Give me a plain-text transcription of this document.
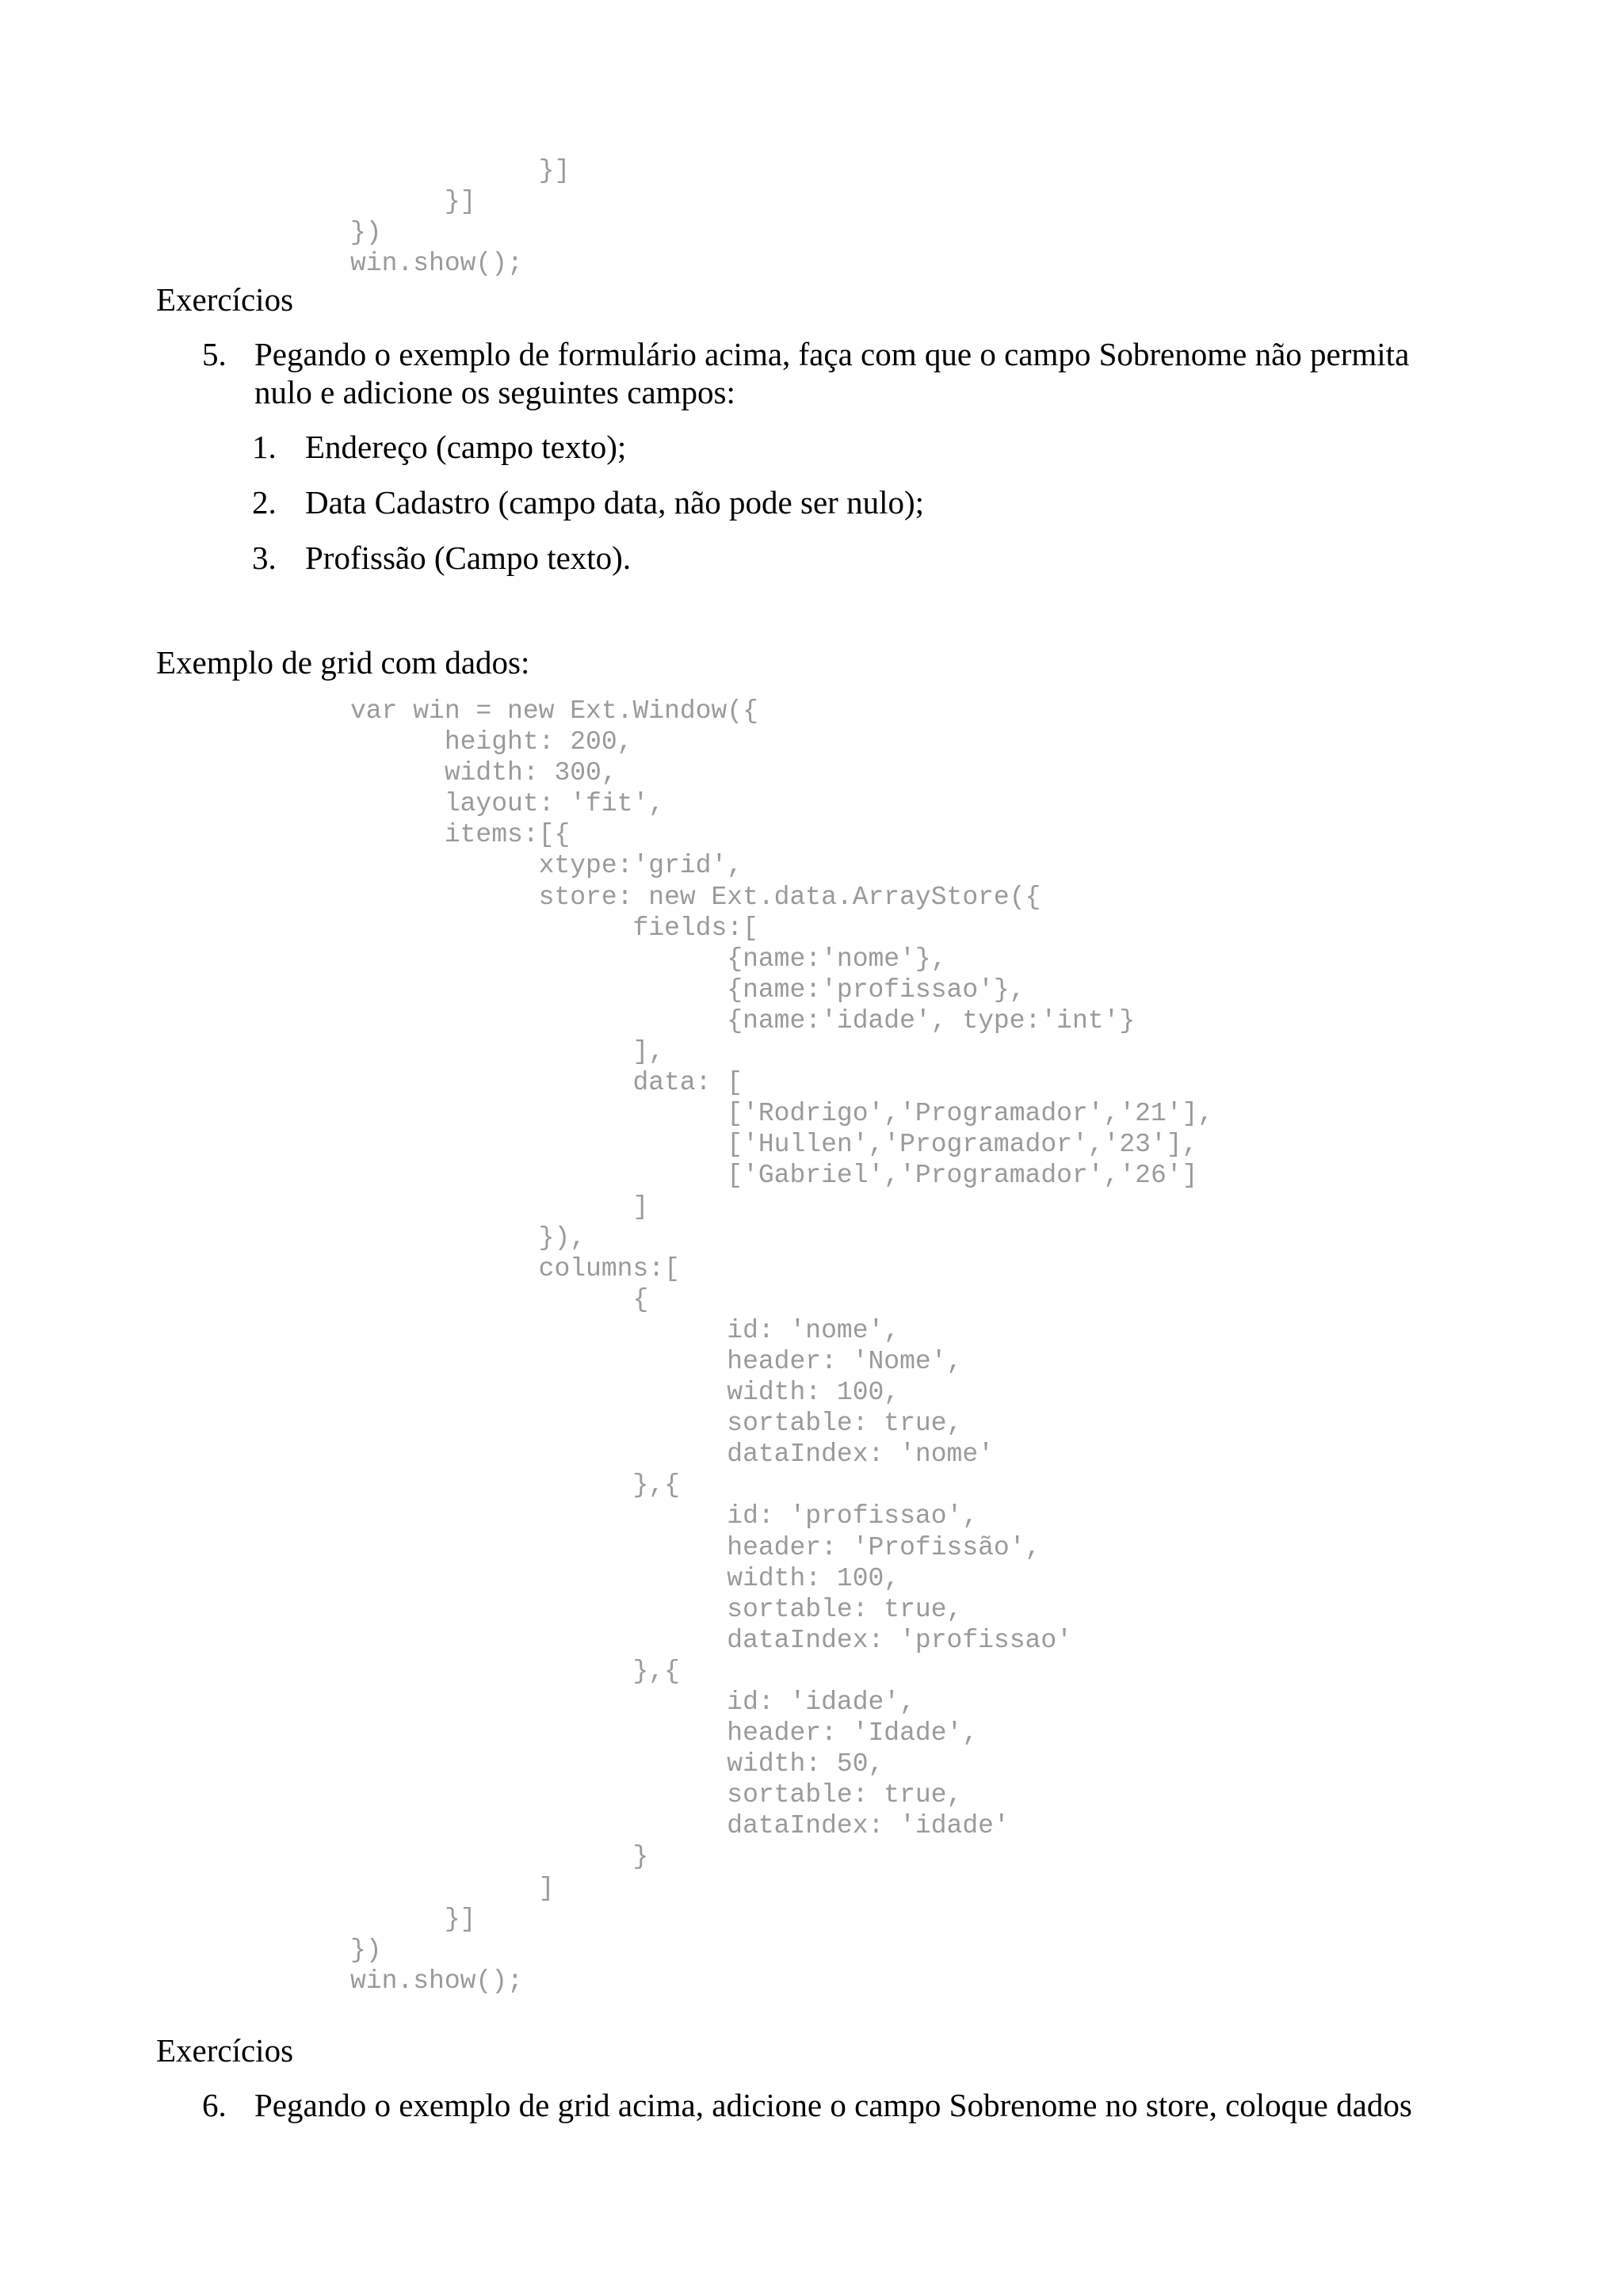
}]
}]
})
win.show();

Exercícios

5. Pegando o exemplo de formulário acima, faça com que o campo Sobrenome não permita
nulo e adicione os seguintes campos:
1. Endereço (campo texto);
2. Data Cadastro (campo data, não pode ser nulo);
3. Profissão (Campo texto).

Exemplo de grid com dados:

var win = new Ext.Window({
height: 200,
width: 300,
layout: 'fit',
items:[{
xtype:'grid',
store: new Ext.data.ArrayStore({
fields:[
{name:'nome'},
{name:'profissao'},
{name:'idade', type:'int'}
],
data: [
['Rodrigo','Programador','21'],
['Hullen','Programador','23'],
['Gabriel','Programador','26']
]
}),
columns:[
{
id: 'nome',
header: 'Nome',
width: 100,
sortable: true,
dataIndex: 'nome'
},{
id: 'profissao',
header: 'Profissão',
width: 100,
sortable: true,
dataIndex: 'profissao'
},{
id: 'idade',
header: 'Idade',
width: 50,
sortable: true,
dataIndex: 'idade'
}
]
}]
})
win.show();

Exercícios

6. Pegando o exemplo de grid acima, adicione o campo Sobrenome no store, coloque dados
